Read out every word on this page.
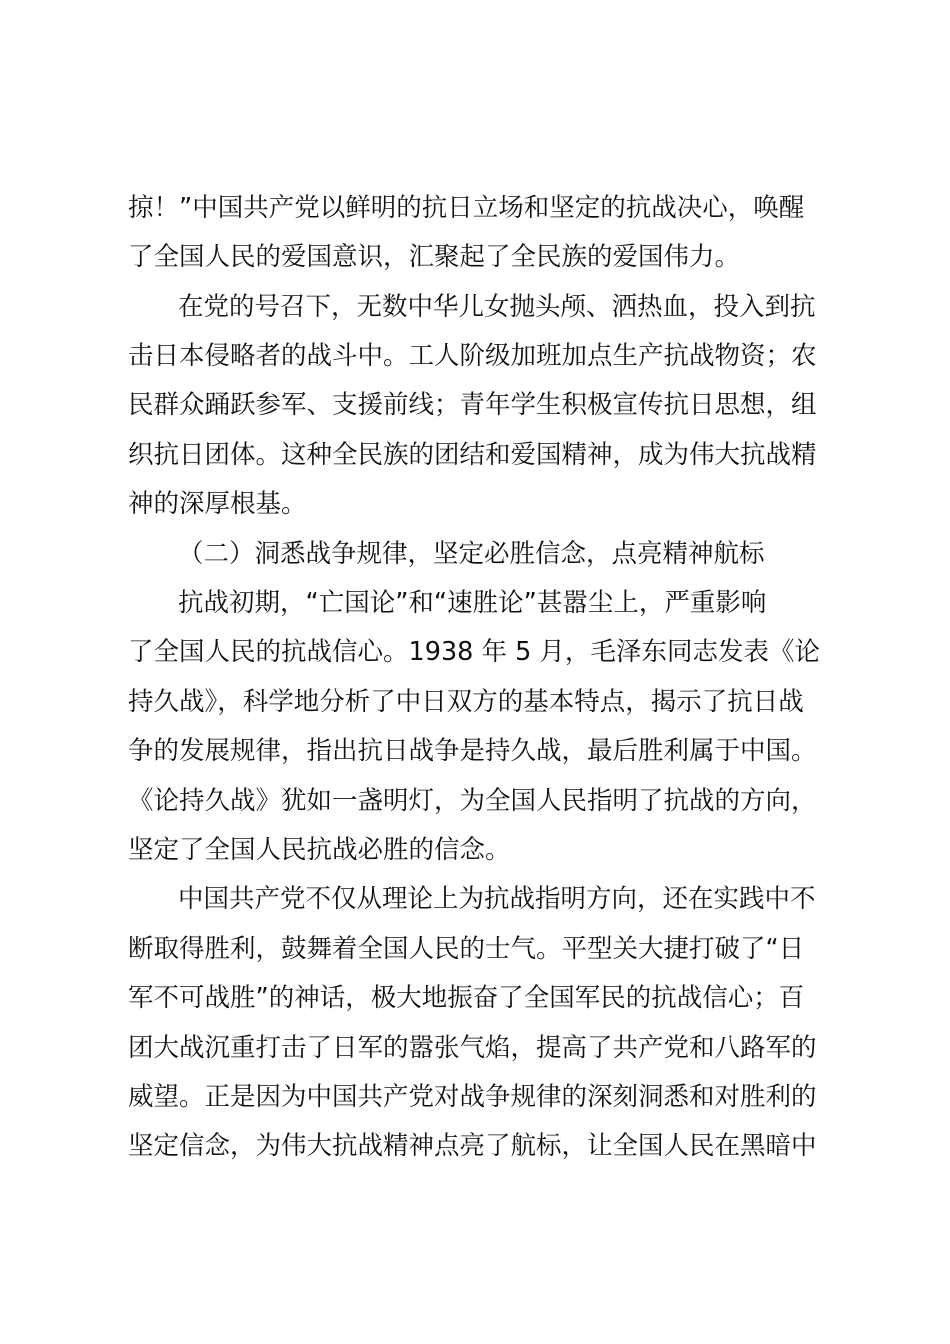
掠！”中国共产党以鲜明的抗日立场和坚定的抗战决心，唤醒
了全国人民的爱国意识，汇聚起了全民族的爱国伟力。
在党的号召下，无数中华儿女抛头颅、洒热血，投入到抗
击日本侵略者的战斗中。工人阶级加班加点生产抗战物资；农
民群众踊跃参军、支援前线；青年学生积极宣传抗日思想，组
织抗日团体。这种全民族的团结和爱国精神，成为伟大抗战精
神的深厚根基。
（二）洞悉战争规律，坚定必胜信念，点亮精神航标
抗战初期，“亡国论”和“速胜论”甚嚣尘上，严重影响
了全国人民的抗战信心。1938 年 5 月，毛泽东同志发表《论
持久战》，科学地分析了中日双方的基本特点，揭示了抗日战
争的发展规律，指出抗日战争是持久战，最后胜利属于中国。
《论持久战》犹如一盏明灯，为全国人民指明了抗战的方向，
坚定了全国人民抗战必胜的信念。
中国共产党不仅从理论上为抗战指明方向，还在实践中不
断取得胜利，鼓舞着全国人民的士气。平型关大捷打破了“日
军不可战胜”的神话，极大地振奋了全国军民的抗战信心；百
团大战沉重打击了日军的嚣张气焰，提高了共产党和八路军的
威望。正是因为中国共产党对战争规律的深刻洞悉和对胜利的
坚定信念，为伟大抗战精神点亮了航标，让全国人民在黑暗中
